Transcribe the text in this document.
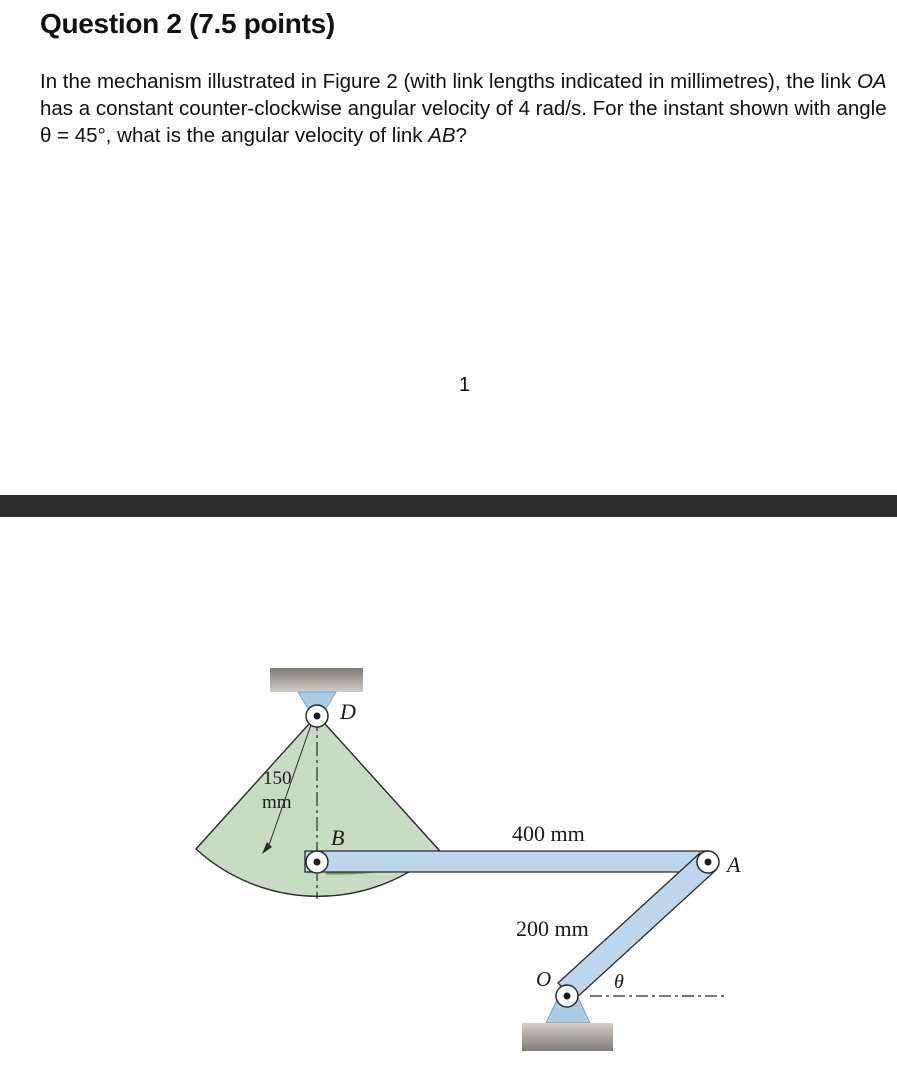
Question 2 (7.5 points)

In the mechanism illustrated in Figure 2 (with link lengths indicated in millimetres), the link OA has a constant counter-clockwise angular velocity of 4 rad/s. For the instant shown with angle θ = 45°, what is the angular velocity of link AB?

1
150
mm
D
B
A
O	θ
400 mm
200 mm
